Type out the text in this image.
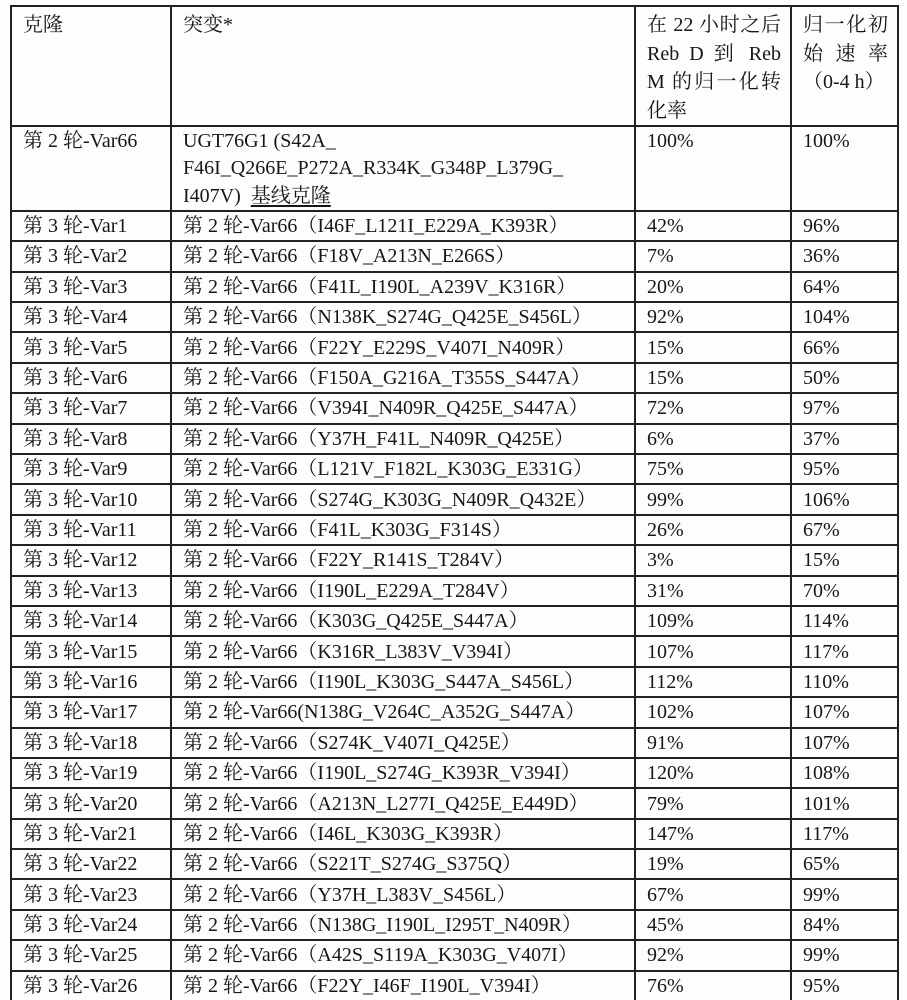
克隆	突变*	在 22 小时之后 Reb D 到 Reb M 的归一化转化率	归一化初始速率（0-4 h）
第 2 轮-Var66	UGT76G1 (S42A_
F46I_Q266E_P272A_R334K_G348P_L379G_
I407V)  基线克隆	100%	100%
第 3 轮-Var1	第 2 轮-Var66（I46F_L121I_E229A_K393R）	42%	96%
第 3 轮-Var2	第 2 轮-Var66（F18V_A213N_E266S）	7%	36%
第 3 轮-Var3	第 2 轮-Var66（F41L_I190L_A239V_K316R）	20%	64%
第 3 轮-Var4	第 2 轮-Var66（N138K_S274G_Q425E_S456L）	92%	104%
第 3 轮-Var5	第 2 轮-Var66（F22Y_E229S_V407I_N409R）	15%	66%
第 3 轮-Var6	第 2 轮-Var66（F150A_G216A_T355S_S447A）	15%	50%
第 3 轮-Var7	第 2 轮-Var66（V394I_N409R_Q425E_S447A）	72%	97%
第 3 轮-Var8	第 2 轮-Var66（Y37H_F41L_N409R_Q425E）	6%	37%
第 3 轮-Var9	第 2 轮-Var66（L121V_F182L_K303G_E331G）	75%	95%
第 3 轮-Var10	第 2 轮-Var66（S274G_K303G_N409R_Q432E）	99%	106%
第 3 轮-Var11	第 2 轮-Var66（F41L_K303G_F314S）	26%	67%
第 3 轮-Var12	第 2 轮-Var66（F22Y_R141S_T284V）	3%	15%
第 3 轮-Var13	第 2 轮-Var66（I190L_E229A_T284V）	31%	70%
第 3 轮-Var14	第 2 轮-Var66（K303G_Q425E_S447A）	109%	114%
第 3 轮-Var15	第 2 轮-Var66（K316R_L383V_V394I）	107%	117%
第 3 轮-Var16	第 2 轮-Var66（I190L_K303G_S447A_S456L）	112%	110%
第 3 轮-Var17	第 2 轮-Var66(N138G_V264C_A352G_S447A）	102%	107%
第 3 轮-Var18	第 2 轮-Var66（S274K_V407I_Q425E）	91%	107%
第 3 轮-Var19	第 2 轮-Var66（I190L_S274G_K393R_V394I）	120%	108%
第 3 轮-Var20	第 2 轮-Var66（A213N_L277I_Q425E_E449D）	79%	101%
第 3 轮-Var21	第 2 轮-Var66（I46L_K303G_K393R）	147%	117%
第 3 轮-Var22	第 2 轮-Var66（S221T_S274G_S375Q）	19%	65%
第 3 轮-Var23	第 2 轮-Var66（Y37H_L383V_S456L）	67%	99%
第 3 轮-Var24	第 2 轮-Var66（N138G_I190L_I295T_N409R）	45%	84%
第 3 轮-Var25	第 2 轮-Var66（A42S_S119A_K303G_V407I）	92%	99%
第 3 轮-Var26	第 2 轮-Var66（F22Y_I46F_I190L_V394I）	76%	95%
